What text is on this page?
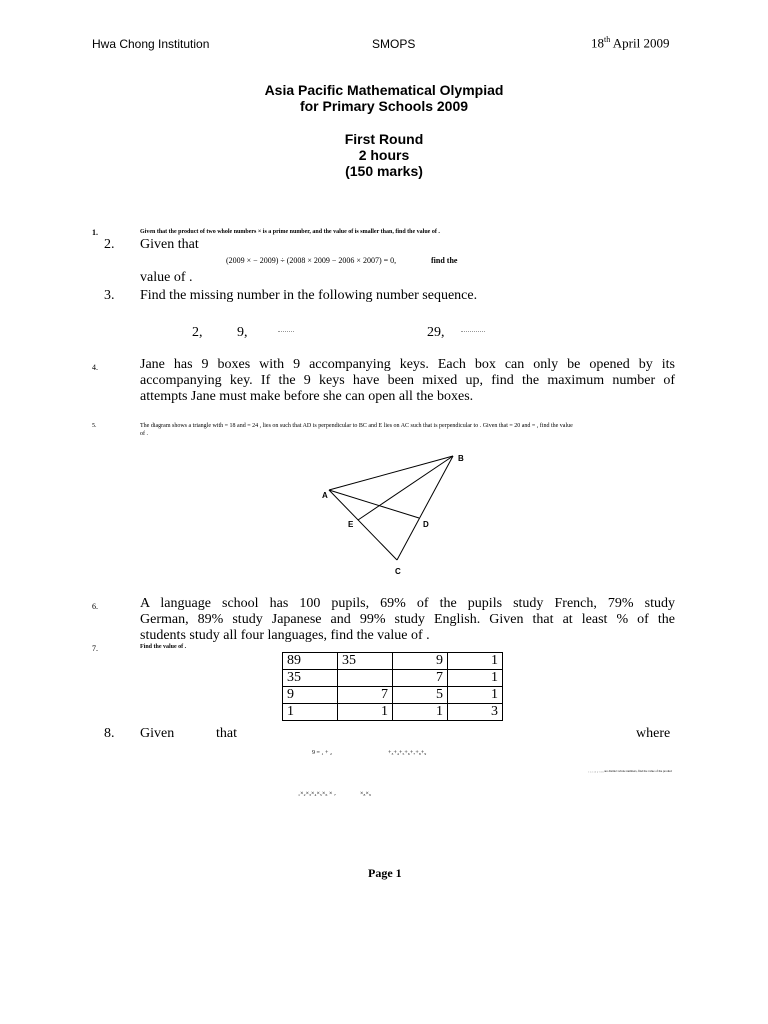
Hwa Chong Institution	SMOPS	18th April 2009
Asia Pacific Mathematical Olympiad
for Primary Schools 2009
First Round
2 hours
(150 marks)
1.	Given that the product of two whole numbers × is a prime number, and the value of is smaller than, find the value of .
2. Given that
(2009 × − 2009) ÷ (2008 × 2009 − 2006 × 2007) = 0,	find the
value of .
3. Find the missing number in the following number sequence.
2, 9,	29,
4.	Jane has 9 boxes with 9 accompanying keys. Each box can only be opened by its
accompanying key. If the 9 keys have been mixed up, find the maximum number of
attempts Jane must make before she can open all the boxes.
5.	The diagram shows a triangle with = 18 and = 24 , lies on such that AD is perpendicular to BC and E lies on AC such that is perpendicular to . Given that = 20 and = , find the value
of .
B
A
E	D
C
6.	A language school has 100 pupils, 69% of the pupils study French, 79% study
German, 89% study Japanese and 99% study English. Given that at least % of the
students study all four languages, find the value of .
7.	Find the value of .
89	35	9	1
35		7	1
9	7	5	1
1	1	1	3
8. Given	that	where
9 = ₁ + ₂	+₃+₄+₅+₆+₇+₈+₉
₁ ₂ ₃ ₄ ₅ ₆ ₇ ₈ ₉ are distinct whole numbers, find the value of the product
₁×₂×₃×₄×₅×₆ × ₇	×₈×₉
Page 1
